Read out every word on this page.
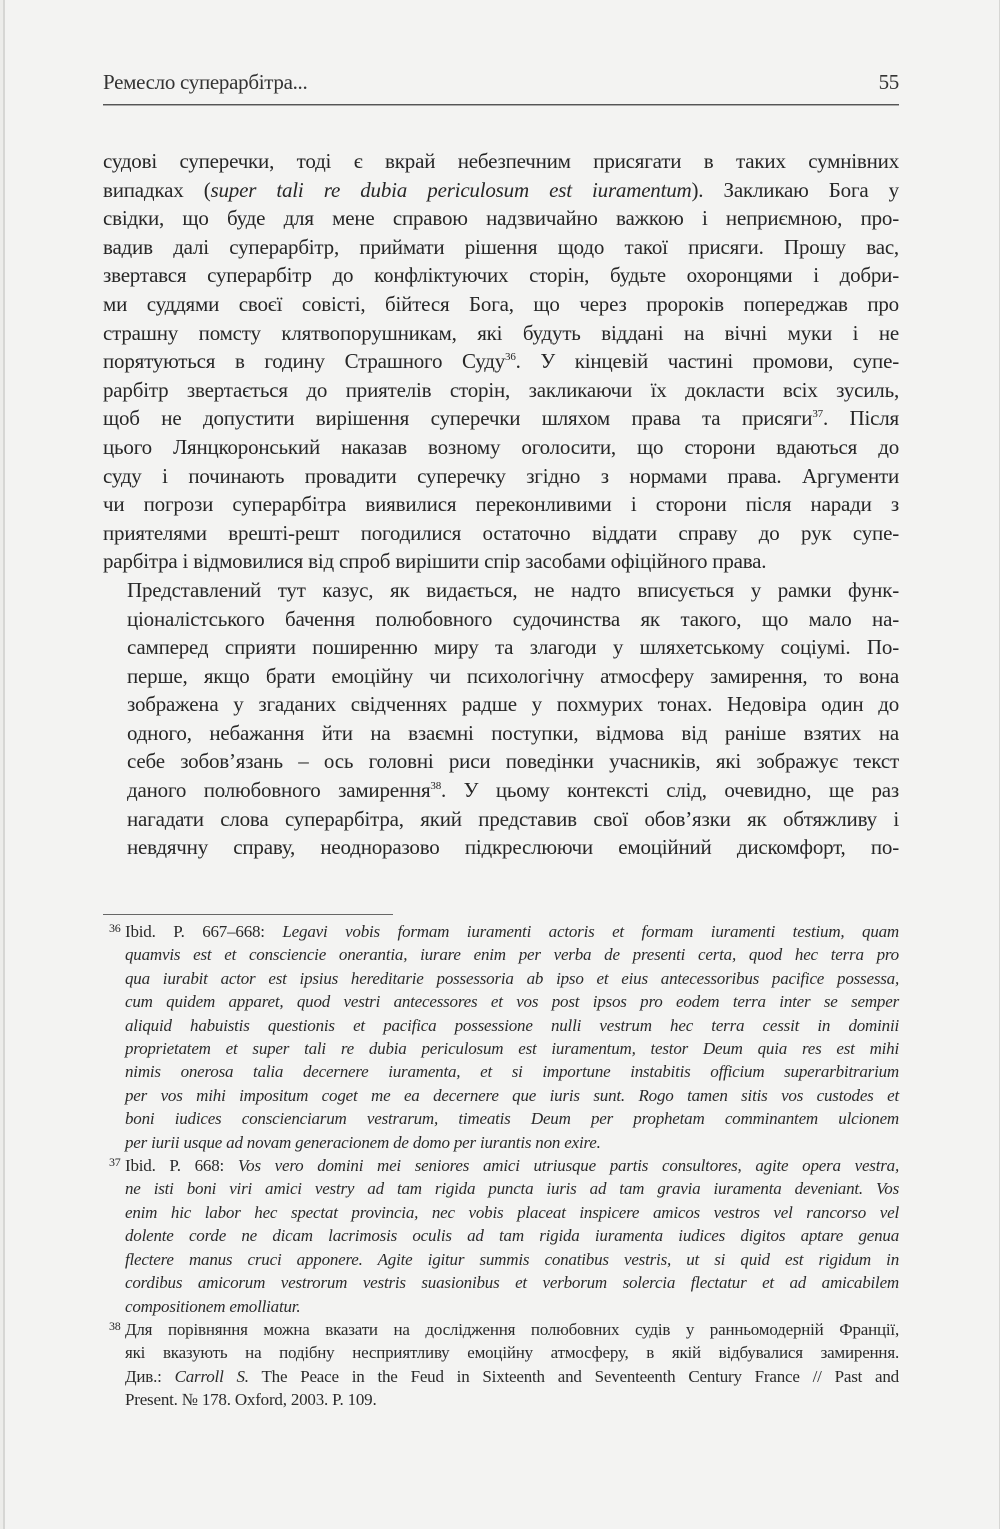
Ремесло суперарбітра...	55

судові суперечки, тоді є вкрай небезпечним присягати в таких сумнівних
випадках (super tali re dubia periculosum est iuramentum). Закликаю Бога у
свідки, що буде для мене справою надзвичайно важкою і неприємною, про-
вадив далі суперарбітр, приймати рішення щодо такої присяги. Прошу вас,
звертався суперарбітр до конфліктуючих сторін, будьте охоронцями і добри-
ми суддями своєї совісті, бійтеся Бога, що через пророків попереджав про
страшну помсту клятвопорушникам, які будуть віддані на вічні муки і не
порятуються в годину Страшного Суду$^{36}$. У кінцевій частині промови, супе-
рарбітр звертається до приятелів сторін, закликаючи їх докласти всіх зусиль,
щоб не допустити вирішення суперечки шляхом права та присяги$^{37}$. Після
цього Лянцкоронський наказав возному оголосити, що сторони вдаються до
суду і починають провадити суперечку згідно з нормами права. Аргументи
чи погрози суперарбітра виявилися переконливими і сторони після наради з
приятелями врешті-решт погодилися остаточно віддати справу до рук супе-
рарбітра і відмовилися від спроб вирішити спір засобами офіційного права.

Представлений тут казус, як видається, не надто вписується у рамки функ-
ціоналістського бачення полюбовного судочинства як такого, що мало на-
самперед сприяти поширенню миру та злагоди у шляхетському соціумі. По-
перше, якщо брати емоційну чи психологічну атмосферу замирення, то вона
зображена у згаданих свідченнях радше у похмурих тонах. Недовіра один до
одного, небажання йти на взаємні поступки, відмова від раніше взятих на
себе зобов’язань – ось головні риси поведінки учасників, які зображує текст
даного полюбовного замирення$^{38}$. У цьому контексті слід, очевидно, ще раз
нагадати слова суперарбітра, який представив свої обов’язки як обтяжливу і
невдячну справу, неодноразово підкреслюючи емоційний дискомфорт, по-

36 Ibid. P. 667–668: Legavi vobis formam iuramenti actoris et formam iuramenti testium, quam
quamvis est et consciencie onerantia, iurare enim per verba de presenti certa, quod hec terra pro
qua iurabit actor est ipsius hereditarie possessoria ab ipso et eius antecessoribus pacifice possessa,
cum quidem apparet, quod vestri antecessores et vos post ipsos pro eodem terra inter se semper
aliquid habuistis questionis et pacifica possessione nulli vestrum hec terra cessit in dominii
proprietatem et super tali re dubia periculosum est iuramentum, testor Deum quia res est mihi
nimis onerosa talia decernere iuramenta, et si importune instabitis officium superarbitrarium
per vos mihi impositum coget me ea decernere que iuris sunt. Rogo tamen sitis vos custodes et
boni iudices conscienciarum vestrarum, timeatis Deum per prophetam comminantem ulcionem
per iurii usque ad novam generacionem de domo per iurantis non exire.
37 Ibid. P. 668: Vos vero domini mei seniores amici utriusque partis consultores, agite opera vestra,
ne isti boni viri amici vestry ad tam rigida puncta iuris ad tam gravia iuramenta deveniant. Vos
enim hic labor hec spectat provincia, nec vobis placeat inspicere amicos vestros vel rancorso vel
dolente corde ne dicam lacrimosis oculis ad tam rigida iuramenta iudices digitos aptare genua
flectere manus cruci apponere. Agite igitur summis conatibus vestris, ut si quid est rigidum in
cordibus amicorum vestrorum vestris suasionibus et verborum solercia flectatur et ad amicabilem
compositionem emolliatur.
38 Для порівняння можна вказати на дослідження полюбовних судів у ранньомодерній Франції,
які вказують на подібну несприятливу емоційну атмосферу, в якій відбувалися замирення.
Див.: Carroll S. The Peace in the Feud in Sixteenth and Seventeenth Century France // Past and
Present. № 178. Oxford, 2003. P. 109.
